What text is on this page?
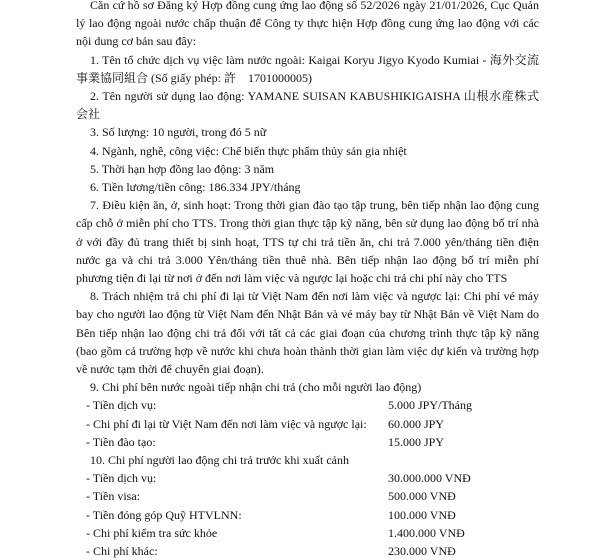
Căn cứ hồ sơ Đăng ký Hợp đồng cung ứng lao động số 52/2026 ngày 21/01/2026, Cục Quản lý lao động ngoài nước chấp thuận để Công ty thực hiện Hợp đồng cung ứng lao động với các nội dung cơ bản sau đây:

1. Tên tổ chức dịch vụ việc làm nước ngoài: Kaigai Koryu Jigyo Kyodo Kumiai - 海外交流事業協同組合 (Số giấy phép: 許　1701000005)

2. Tên người sử dụng lao động: YAMANE SUISAN KABUSHIKIGAISHA 山根水産株式会社

3. Số lượng: 10 người, trong đó 5 nữ

4. Ngành, nghề, công việc: Chế biến thực phẩm thủy sản gia nhiệt

5. Thời hạn hợp đồng lao động: 3 năm

6. Tiền lương/tiền công: 186.334 JPY/tháng

7. Điều kiện ăn, ở, sinh hoạt: Trong thời gian đào tạo tập trung, bên tiếp nhận lao động cung cấp chỗ ở miễn phí cho TTS. Trong thời gian thực tập kỹ năng, bên sử dụng lao động bố trí nhà ở với đầy đủ trang thiết bị sinh hoạt, TTS tự chi trả tiền ăn, chi trả 7.000 yên/tháng tiền điện nước ga và chi trả 3.000 Yên/tháng tiền thuê nhà. Bên tiếp nhận lao động bố trí miễn phí phương tiện đi lại từ nơi ở đến nơi làm việc và ngược lại hoặc chi trả chi phí này cho TTS

8. Trách nhiệm trả chi phí đi lại từ Việt Nam đến nơi làm việc và ngược lại: Chi phí vé máy bay cho người lao động từ Việt Nam đến Nhật Bản và vé máy bay từ Nhật Bản về Việt Nam do Bên tiếp nhận lao động chi trả đối với tất cả các giai đoạn của chương trình thực tập kỹ năng (bao gồm cả trường hợp về nước khi chưa hoàn thành thời gian làm việc dự kiến và trường hợp về nước tạm thời để chuyển giai đoạn).

9. Chi phí bên nước ngoài tiếp nhận chi trả (cho mỗi người lao động)

- Tiền dịch vụ:	5.000 JPY/Tháng
- Chi phí đi lại từ Việt Nam đến nơi làm việc và ngược lại:	60.000 JPY
- Tiền đào tạo:	15.000 JPY

10. Chi phí người lao động chi trả trước khi xuất cảnh

- Tiền dịch vụ:	30.000.000 VNĐ
- Tiền visa:	500.000 VNĐ
- Tiền đóng góp Quỹ HTVLNN:	100.000 VNĐ
- Chi phí kiểm tra sức khỏe	1.400.000 VNĐ
- Chi phí khác:	230.000 VNĐ
